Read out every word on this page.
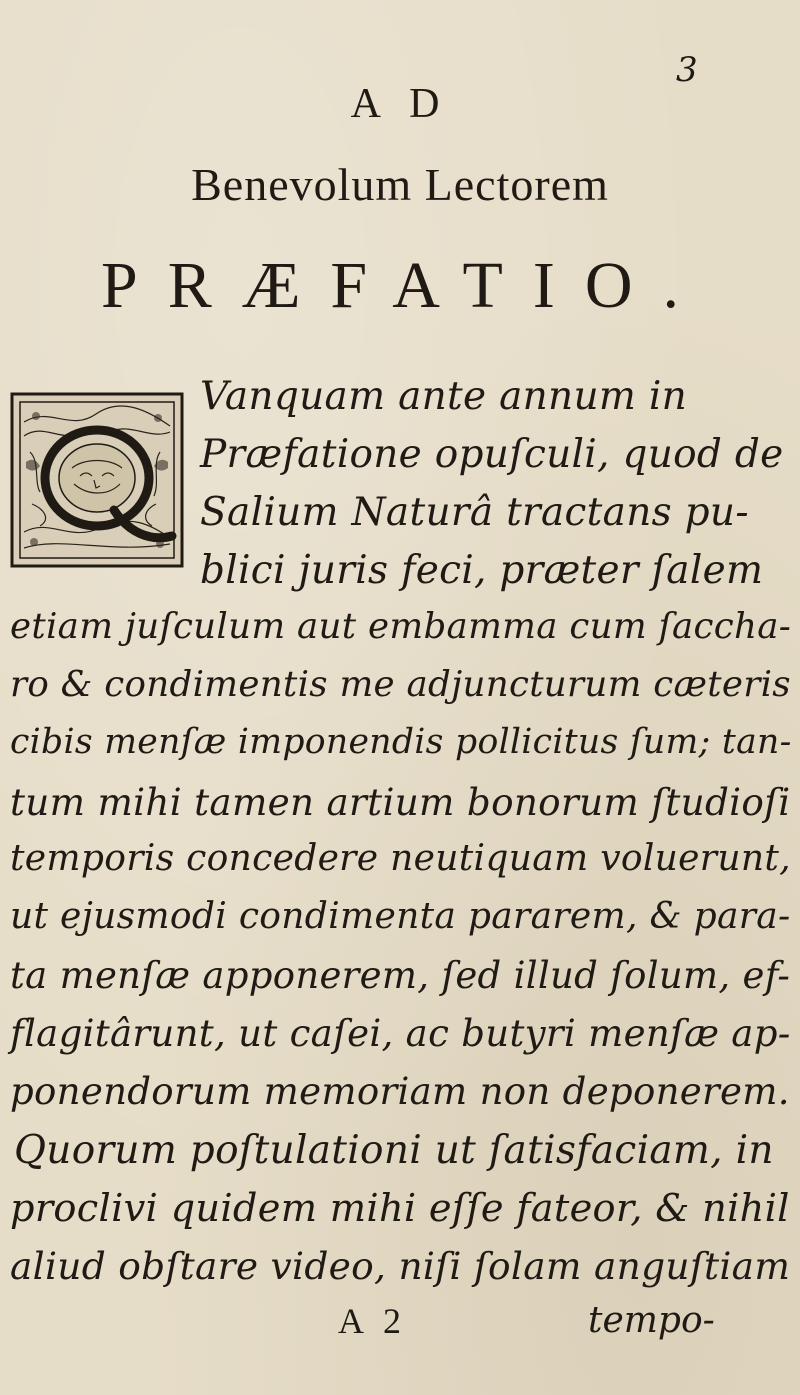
3
A D
Benevolum Lectorem
PRÆFATIO.
Vanquam ante annum in
Præfatione opuſculi, quod de
Salium Naturâ tractans pu-
blici juris feci, præter ſalem
etiam juſculum aut embamma cum ſaccha-
ro & condimentis me adjuncturum cæteris
cibis menſæ imponendis pollicitus ſum; tan-
tum mihi tamen artium bonorum ſtudioſi
temporis concedere neutiquam voluerunt,
ut ejusmodi condimenta pararem, & para-
ta menſæ apponerem, ſed illud ſolum, ef-
flagitârunt, ut caſei, ac butyri menſæ ap-
ponendorum memoriam non deponerem.
Quorum poſtulationi ut ſatisfaciam, in
proclivi quidem mihi eſſe fateor, & nihil
aliud obſtare video, niſi ſolam anguſtiam
A 2	tempo-
